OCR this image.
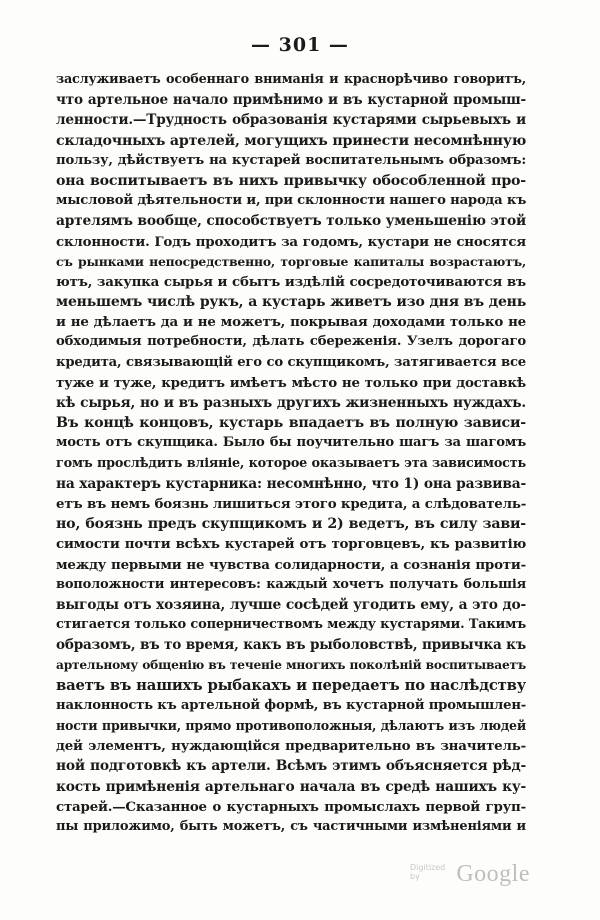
— 301 —
заслуживаетъ особеннаго вниманія и краснорѣчиво говоритъ,
что артельное начало примѣнимо и въ кустарной промыш-
ленности.—Трудность образованія кустарями сырьевыхъ и
складочныхъ артелей, могущихъ принести несомнѣнную
пользу, дѣйствуетъ на кустарей воспитательнымъ образомъ:
она воспитываетъ въ нихъ привычку обособленной про-
мысловой дѣятельности и, при склонности нашего народа къ
артелямъ вообще, способствуетъ только уменьшенію этой
склонности. Годъ проходитъ за годомъ, кустари не сносятся
съ рынками непосредственно, торговые капиталы возрастаютъ,
ютъ, закупка сырья и сбытъ издѣлій сосредоточиваются въ
меньшемъ числѣ рукъ, а кустарь живетъ изо дня въ день
и не дѣлаетъ да и не можетъ, покрывая доходами только не
обходимыя потребности, дѣлать сбереженія. Узелъ дорогаго
кредита, связывающій его со скупщикомъ, затягивается все
туже и туже, кредитъ имѣетъ мѣсто не только при доставкѣ
кѣ сырья, но и въ разныхъ другихъ жизненныхъ нуждахъ.
Въ концѣ концовъ, кустарь впадаетъ въ полную зависи-
мость отъ скупщика. Было бы поучительно шагъ за шагомъ
гомъ прослѣдить вліяніе, которое оказываетъ эта зависимость
на характеръ кустарника: несомнѣнно, что 1) она развива-
етъ въ немъ боязнь лишиться этого кредита, а слѣдователь-
но, боязнь предъ скупщикомъ и 2) ведетъ, въ силу зави-
симости почти всѣхъ кустарей отъ торговцевъ, къ развитію
между первыми не чувства солидарности, а сознанія проти-
воположности интересовъ: каждый хочетъ получать большія
выгоды отъ хозяина, лучше сосѣдей угодить ему, а это до-
стигается только соперничествомъ между кустарями. Такимъ
образомъ, въ то время, какъ въ рыболовствѣ, привычка къ
артельному общенію въ теченіе многихъ поколѣній воспитываетъ
ваетъ въ нашихъ рыбакахъ и передаетъ по наслѣдству
наклонность къ артельной формѣ, въ кустарной промышлен-
ности привычки, прямо противоположныя, дѣлаютъ изъ людей
дей элементъ, нуждающійся предварительно въ значитель-
ной подготовкѣ къ артели. Всѣмъ этимъ объясняется рѣд-
кость примѣненія артельнаго начала въ средѣ нашихъ ку-
старей.—Сказанное о кустарныхъ промыслахъ первой груп-
пы приложимо, быть можетъ, съ частичными измѣненіями и
Digitized by	Google
